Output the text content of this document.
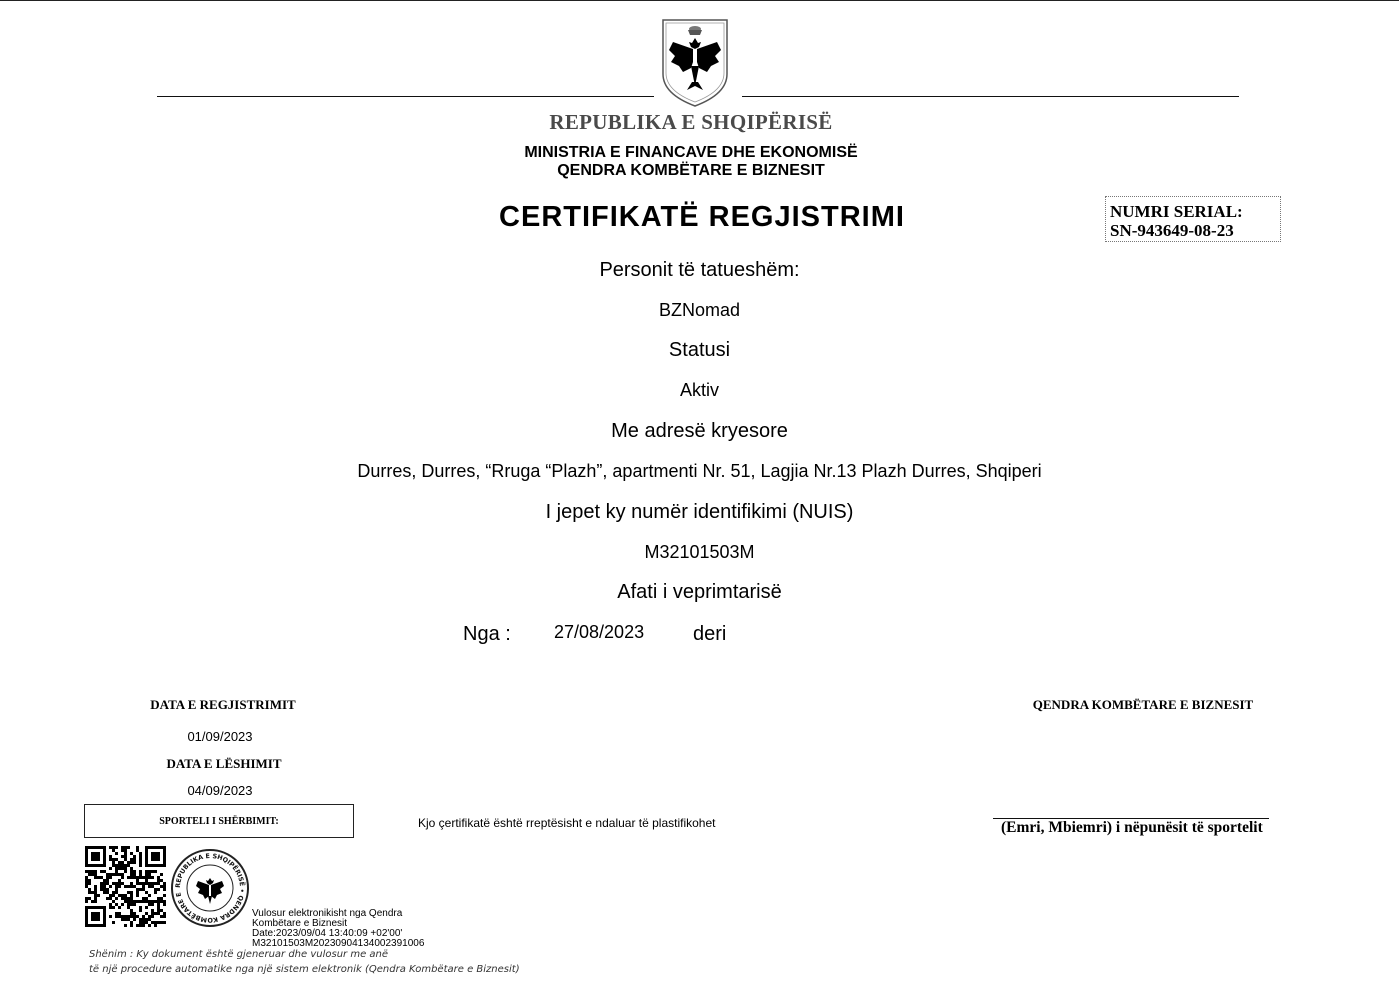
REPUBLIKA E SHQIPËRISË
MINISTRIA E FINANCAVE DHE EKONOMISË
QENDRA KOMBËTARE E BIZNESIT
CERTIFIKATË REGJISTRIMI	NUMRI SERIAL:
SN-943649-08-23
Personit të tatueshëm:
BZNomad
Statusi
Aktiv
Me adresë kryesore
Durres, Durres, “Rruga “Plazh”, apartmenti Nr. 51, Lagjia Nr.13 Plazh Durres, Shqiperi
I jepet ky numër identifikimi (NUIS)
M32101503M
Afati i veprimtarisë
Nga : 27/08/2023 deri
DATA E REGJISTRIMIT
01/09/2023
DATA E LËSHIMIT
04/09/2023
SPORTELI I SHËRBIMIT:	Kjo çertifikatë është rreptësisht e ndaluar të plastifikohet
QENDRA KOMBËTARE E BIZNESIT
(Emri, Mbiemri) i nëpunësit të sportelit
REPUBLIKA E SHQIPËRISË • QENDRA KOMBËTARE E
Vulosur elektronikisht nga Qendra
Kombëtare e Biznesit
Date:2023/09/04 13:40:09 +02'00'
M32101503M20230904134002391006
Shënim : Ky dokument është gjeneruar dhe vulosur me anë
të një procedure automatike nga një sistem elektronik (Qendra Kombëtare e Biznesit)
